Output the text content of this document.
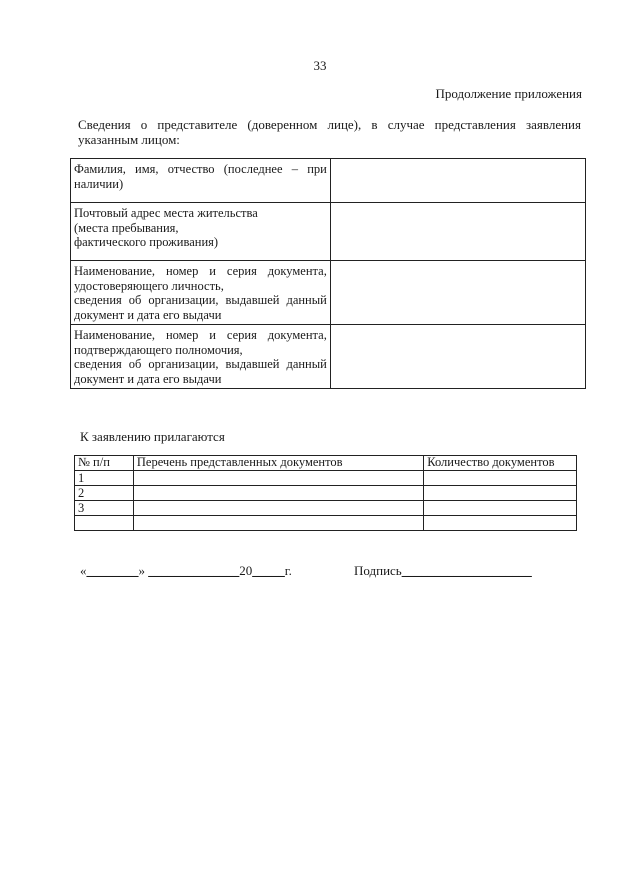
33
Продолжение приложения
Сведения о представителе (доверенном лице), в случае представления заявления указанным лицом:
Фамилия, имя, отчество (последнее – при наличии)	
Почтовый адрес места жительства
(места пребывания,
фактического проживания)	
Наименование, номер и серия документа, удостоверяющего личность,
сведения об организации, выдавшей данный документ и дата его выдачи	
Наименование, номер и серия документа, подтверждающего полномочия,
сведения об организации, выдавшей данный документ и дата его выдачи	
К заявлению прилагаются
№ п/п	Перечень представленных документов	Количество документов
1		
2		
3		

«________» ______________20_____г.	Подпись____________________
